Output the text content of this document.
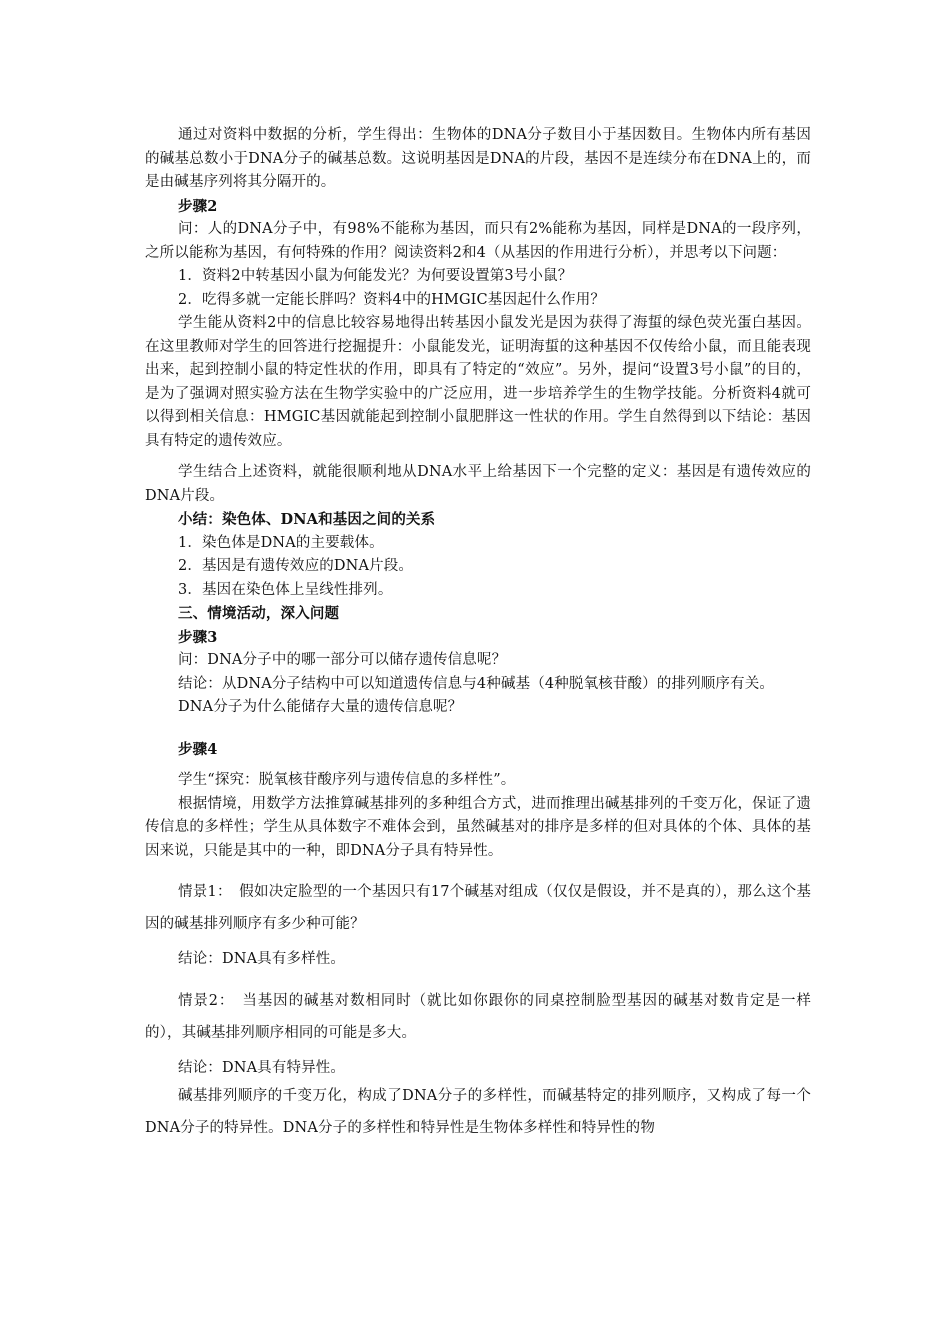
通过对资料中数据的分析，学生得出：生物体的DNA分子数目小于基因数目。生物体内所有基因的碱基总数小于DNA分子的碱基总数。这说明基因是DNA的片段，基因不是连续分布在DNA上的，而是由碱基序列将其分隔开的。

步骤2

问：人的DNA分子中，有98%不能称为基因，而只有2%能称为基因，同样是DNA的一段序列，之所以能称为基因，有何特殊的作用？阅读资料2和4（从基因的作用进行分析），并思考以下问题：

1．资料2中转基因小鼠为何能发光？为何要设置第3号小鼠？

2．吃得多就一定能长胖吗？资料4中的HMGIC基因起什么作用？

学生能从资料2中的信息比较容易地得出转基因小鼠发光是因为获得了海蜇的绿色荧光蛋白基因。在这里教师对学生的回答进行挖掘提升：小鼠能发光，证明海蜇的这种基因不仅传给小鼠，而且能表现出来，起到控制小鼠的特定性状的作用，即具有了特定的“效应”。另外，提问“设置3号小鼠”的目的，是为了强调对照实验方法在生物学实验中的广泛应用，进一步培养学生的生物学技能。分析资料4就可以得到相关信息：HMGIC基因就能起到控制小鼠肥胖这一性状的作用。学生自然得到以下结论：基因具有特定的遗传效应。

学生结合上述资料，就能很顺利地从DNA水平上给基因下一个完整的定义：基因是有遗传效应的DNA片段。

小结：染色体、DNA和基因之间的关系

1．染色体是DNA的主要载体。

2．基因是有遗传效应的DNA片段。

3．基因在染色体上呈线性排列。

三、情境活动，深入问题

步骤3

问：DNA分子中的哪一部分可以储存遗传信息呢？

结论：从DNA分子结构中可以知道遗传信息与4种碱基（4种脱氧核苷酸）的排列顺序有关。

DNA分子为什么能储存大量的遗传信息呢？

步骤4

学生“探究：脱氧核苷酸序列与遗传信息的多样性”。

根据情境，用数学方法推算碱基排列的多种组合方式，进而推理出碱基排列的千变万化，保证了遗传信息的多样性；学生从具体数字不难体会到，虽然碱基对的排序是多样的但对具体的个体、具体的基因来说，只能是其中的一种，即DNA分子具有特异性。

情景1：　假如决定脸型的一个基因只有17个碱基对组成（仅仅是假设，并不是真的），那么这个基因的碱基排列顺序有多少种可能？

结论：DNA具有多样性。

情景2：　当基因的碱基对数相同时（就比如你跟你的同桌控制脸型基因的碱基对数肯定是一样的），其碱基排列顺序相同的可能是多大。

结论：DNA具有特异性。

碱基排列顺序的千变万化，构成了DNA分子的多样性，而碱基特定的排列顺序，又构成了每一个DNA分子的特异性。DNA分子的多样性和特异性是生物体多样性和特异性的物
